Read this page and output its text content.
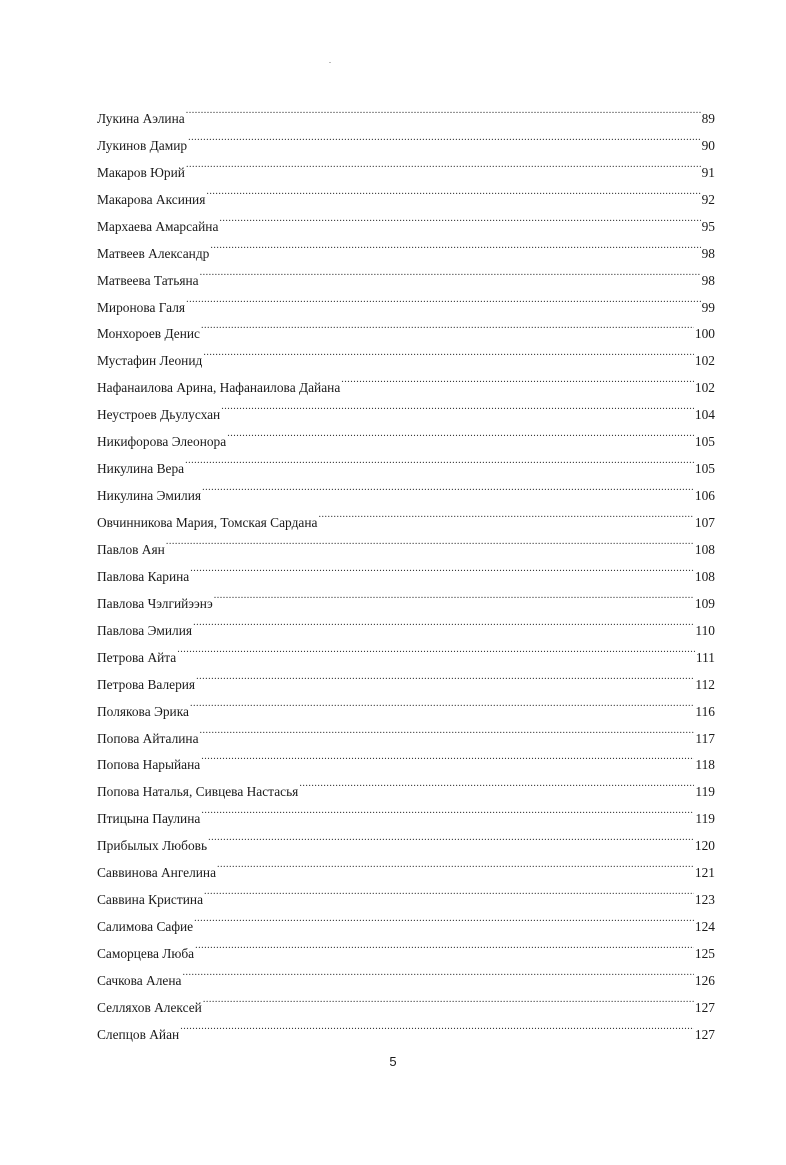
Лукина Аэлина .....	89
Лукинов Дамир .....	90
Макаров Юрий .....	91
Макарова Аксиния .....	92
Мархаева Амарсайна .....	95
Матвеев Александр .....	98
Матвеева Татьяна .....	98
Миронова Галя .....	99
Монхороев Денис .....	100
Мустафин Леонид .....	102
Нафанаилова Арина, Нафанаилова Дайана .....	102
Неустроев Дьулусхан .....	104
Никифорова Элеонора .....	105
Никулина Вера .....	105
Никулина Эмилия .....	106
Овчинникова Мария, Томская Сардана .....	107
Павлов Аян .....	108
Павлова Карина .....	108
Павлова Чэлгийээнэ .....	109
Павлова Эмилия .....	110
Петрова Айта .....	111
Петрова Валерия .....	112
Полякова Эрика .....	116
Попова Айталина .....	117
Попова Нарыйана .....	118
Попова Наталья, Сивцева Настасья .....	119
Птицына Паулина .....	119
Прибылых Любовь .....	120
Саввинова Ангелина .....	121
Саввина Кристина .....	123
Салимова Сафие .....	124
Саморцева Люба .....	125
Сачкова Алена .....	126
Селляхов Алексей .....	127
Слепцов Айан .....	127
5
